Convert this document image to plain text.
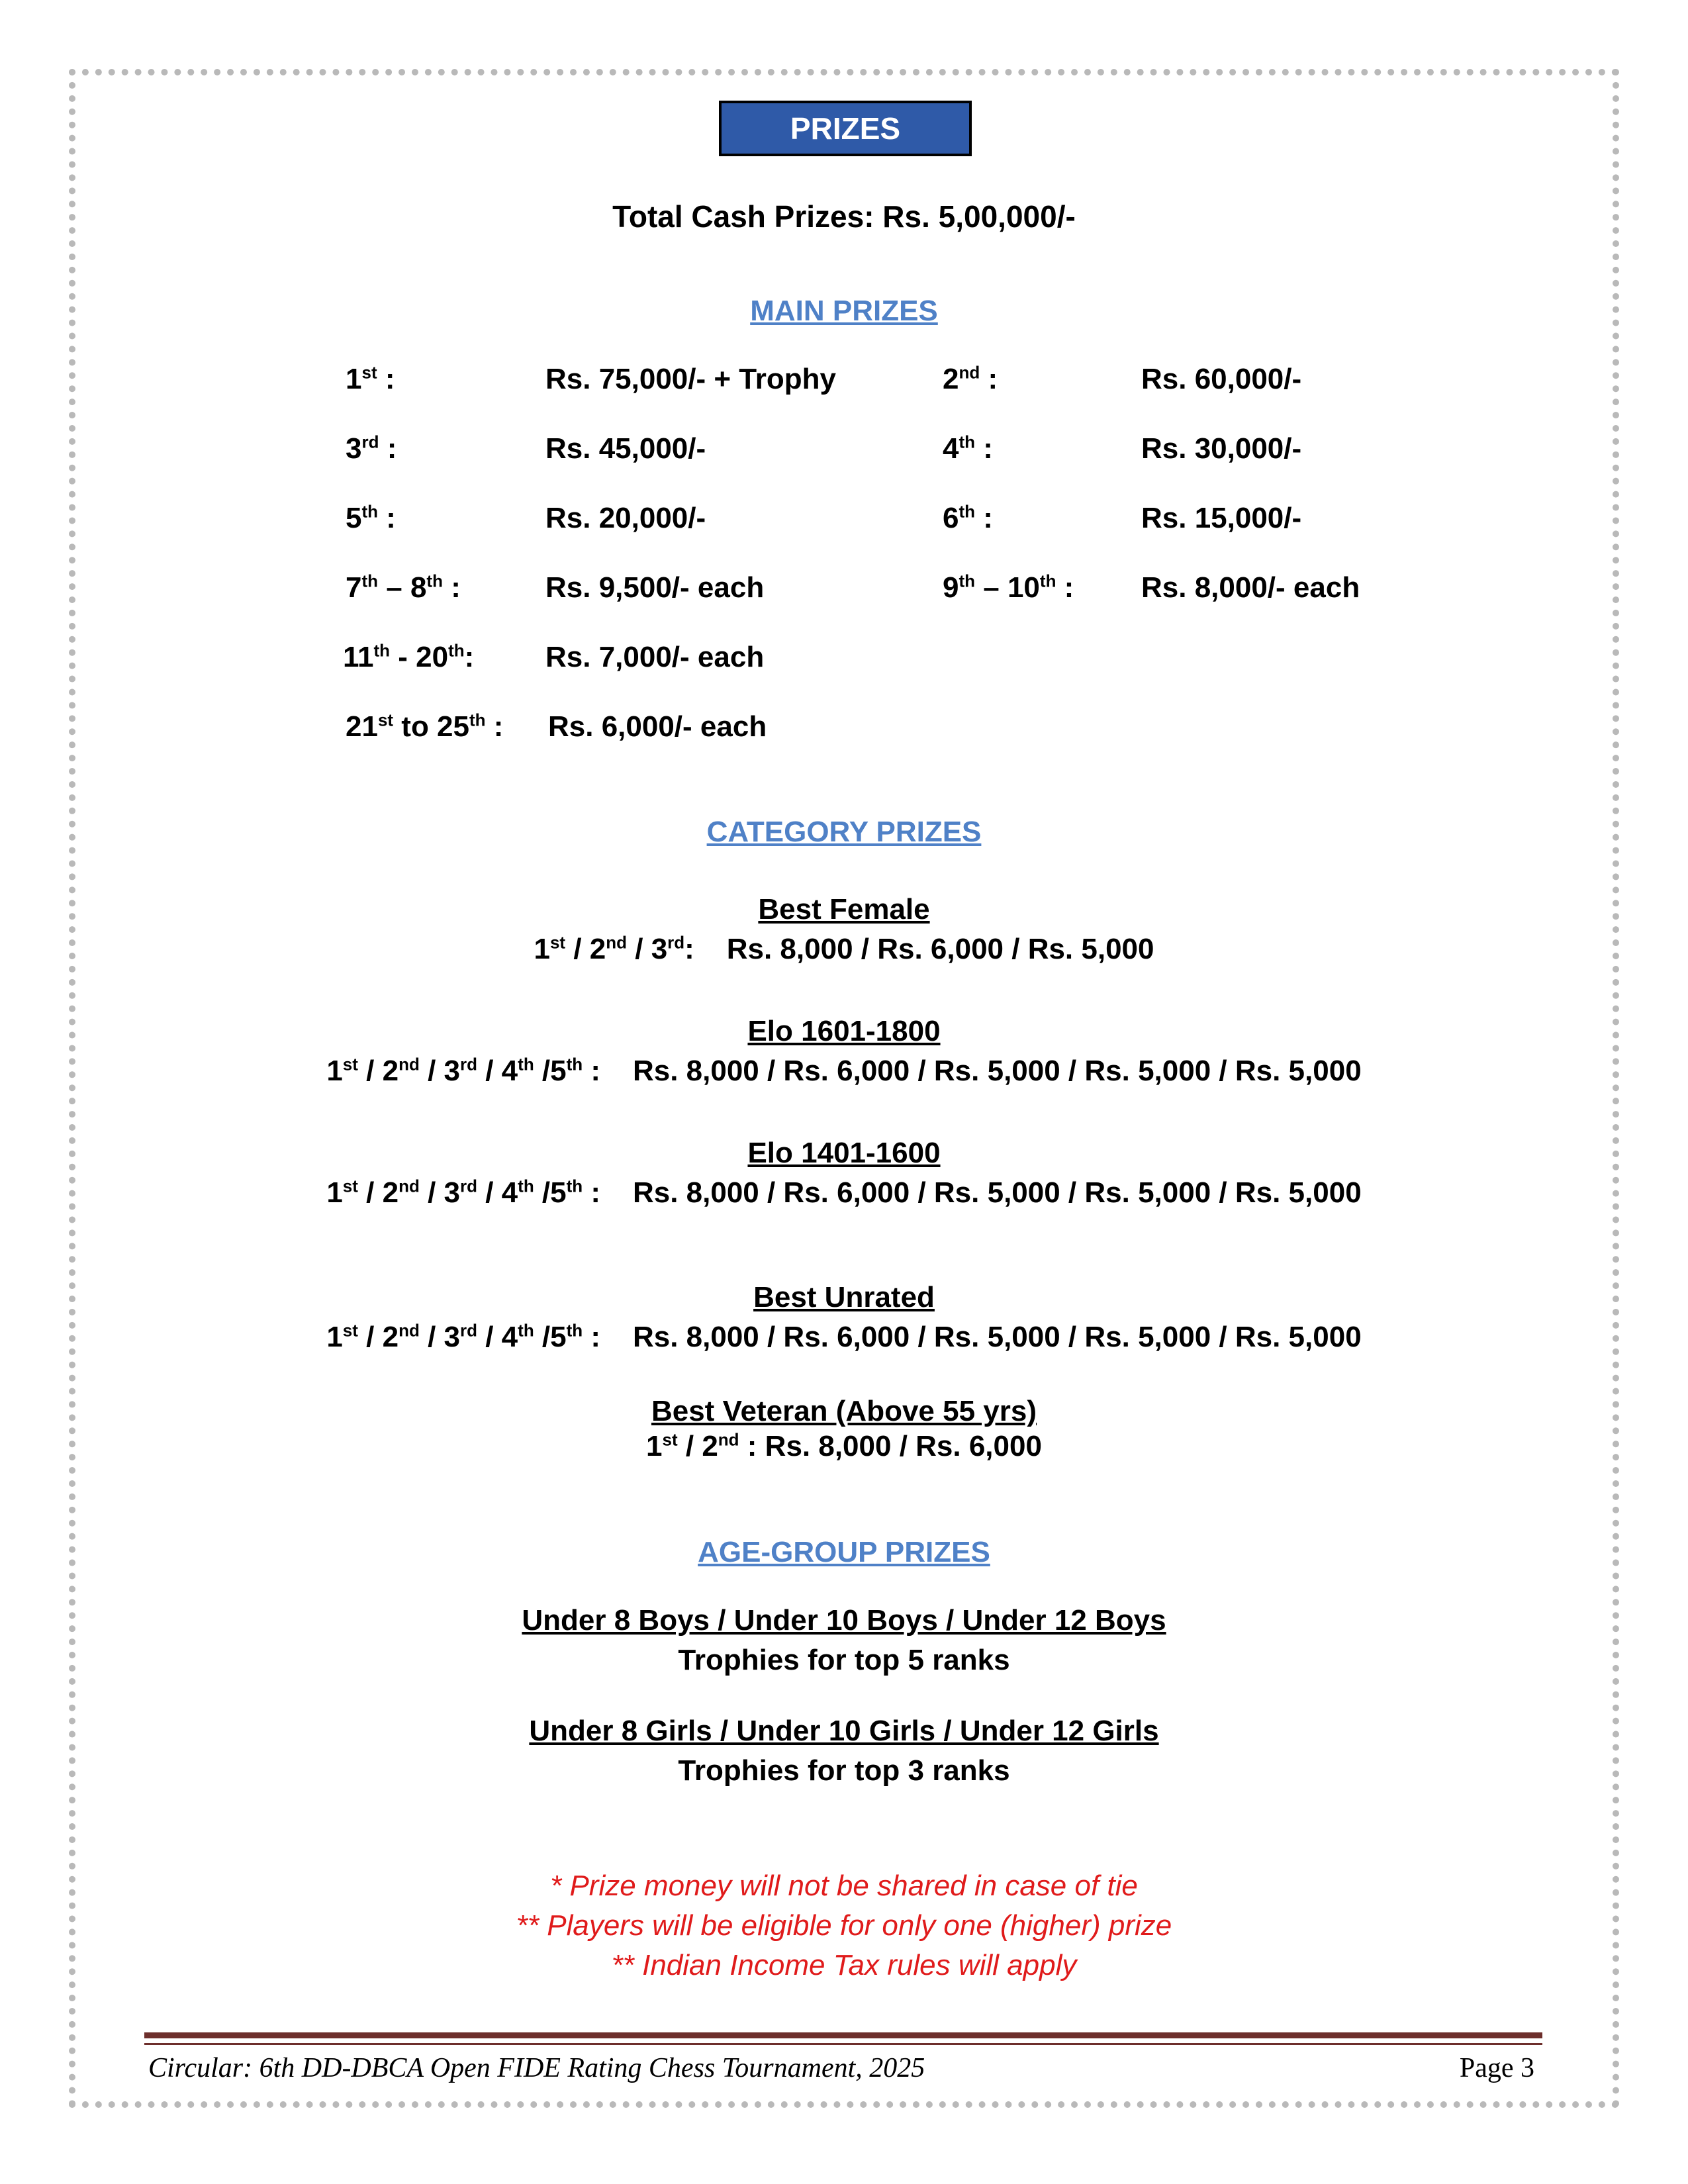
PRIZES
Total Cash Prizes: Rs. 5,00,000/-
MAIN PRIZES
1st :	Rs. 75,000/- + Trophy	2nd :	Rs. 60,000/-
3rd :	Rs. 45,000/-	4th :	Rs. 30,000/-
5th :	Rs. 20,000/-	6th :	Rs. 15,000/-
7th – 8th :	Rs. 9,500/- each	9th – 10th : Rs. 8,000/- each
11th - 20th: Rs. 7,000/- each
21st to 25th : Rs. 6,000/- each
CATEGORY PRIZES
Best Female
1st / 2nd / 3rd:    Rs. 8,000 / Rs. 6,000 / Rs. 5,000
Elo 1601-1800
1st / 2nd / 3rd / 4th /5th :    Rs. 8,000 / Rs. 6,000 / Rs. 5,000 / Rs. 5,000 / Rs. 5,000
Elo 1401-1600
1st / 2nd / 3rd / 4th /5th :    Rs. 8,000 / Rs. 6,000 / Rs. 5,000 / Rs. 5,000 / Rs. 5,000
Best Unrated
1st / 2nd / 3rd / 4th /5th :    Rs. 8,000 / Rs. 6,000 / Rs. 5,000 / Rs. 5,000 / Rs. 5,000
Best Veteran (Above 55 yrs)
1st / 2nd : Rs. 8,000 / Rs. 6,000
AGE-GROUP PRIZES
Under 8 Boys / Under 10 Boys / Under 12 Boys
Trophies for top 5 ranks
Under 8 Girls / Under 10 Girls / Under 12 Girls
Trophies for top 3 ranks
* Prize money will not be shared in case of tie
** Players will be eligible for only one (higher) prize
** Indian Income Tax rules will apply
Circular: 6th DD-DBCA Open FIDE Rating Chess Tournament, 2025	Page 3
